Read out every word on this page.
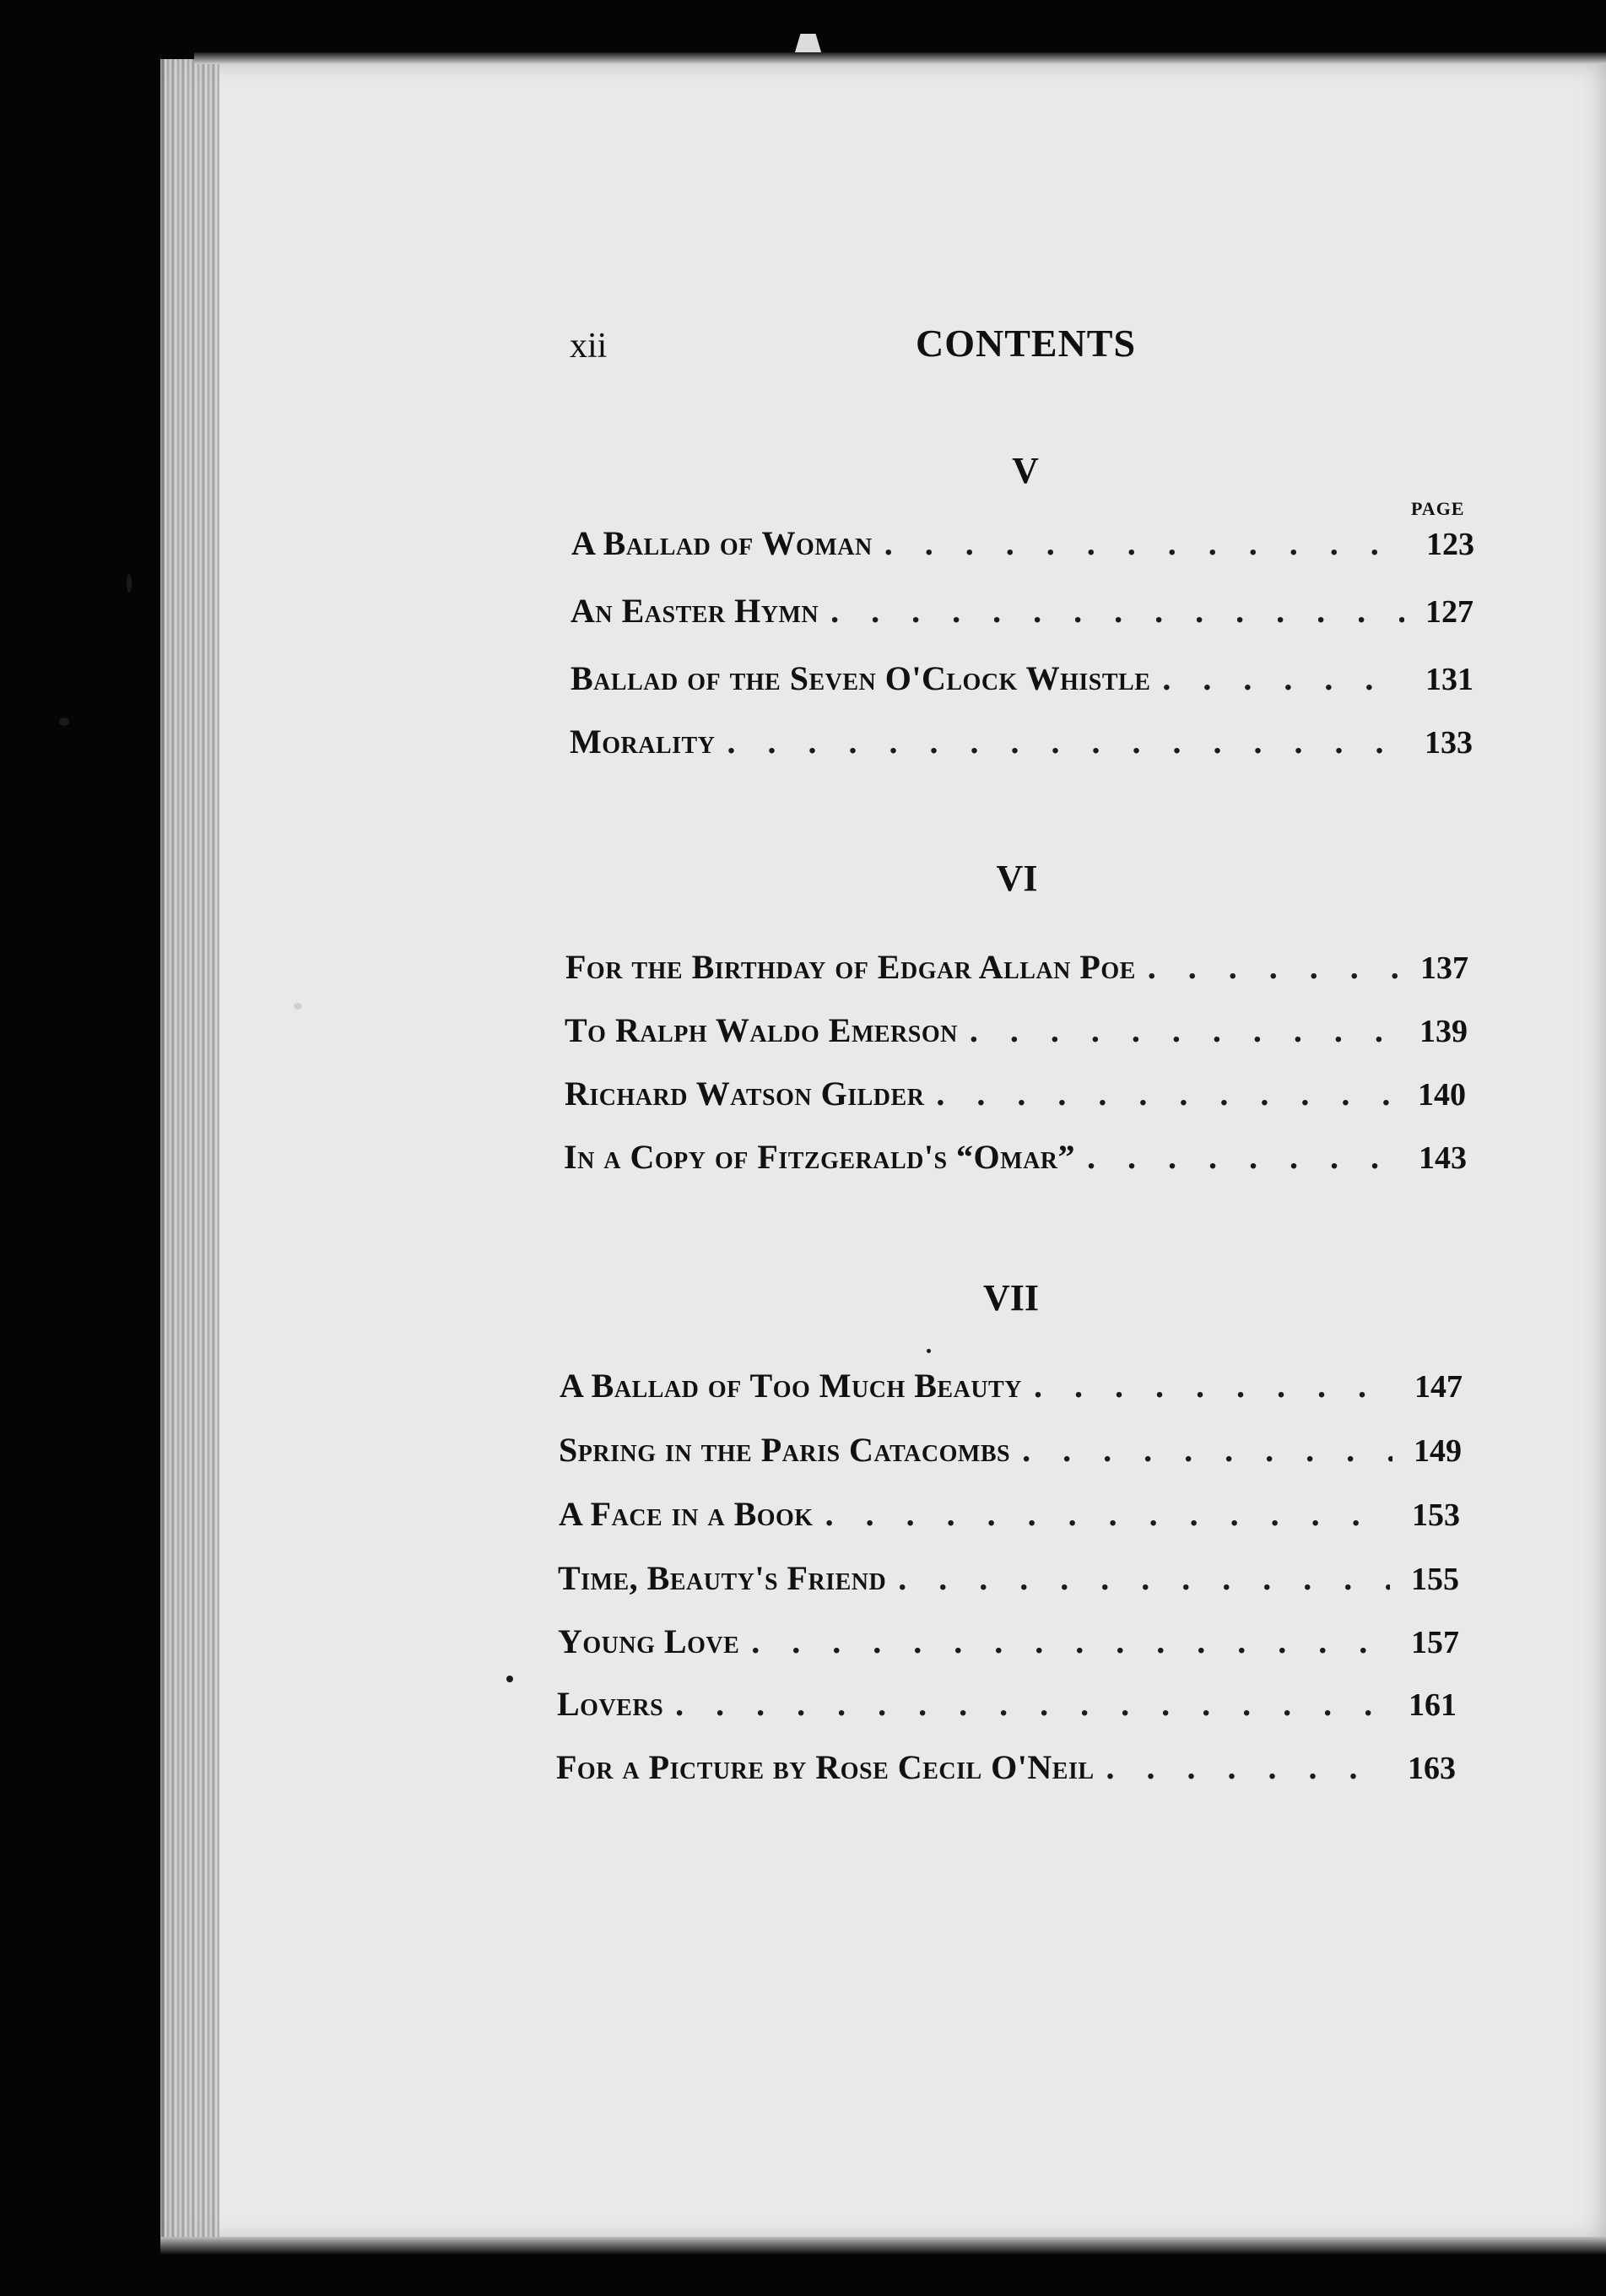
xii	CONTENTS
V
PAGE
A Ballad of Woman . . .	123
An Easter Hymn . . .	127
Ballad of the Seven O'Clock Whistle . . .	131
Morality . . .	133
VI
For the Birthday of Edgar Allan Poe . . .	137
To Ralph Waldo Emerson . . .	139
Richard Watson Gilder . . .	140
In a Copy of Fitzgerald's “Omar” . . .	143
VII
A Ballad of Too Much Beauty . . .	147
Spring in the Paris Catacombs . . .	149
A Face in a Book . . .	153
Time, Beauty's Friend . . .	155
Young Love . . .	157
Lovers . . .	161
For a Picture by Rose Cecil O'Neil . . .	163
